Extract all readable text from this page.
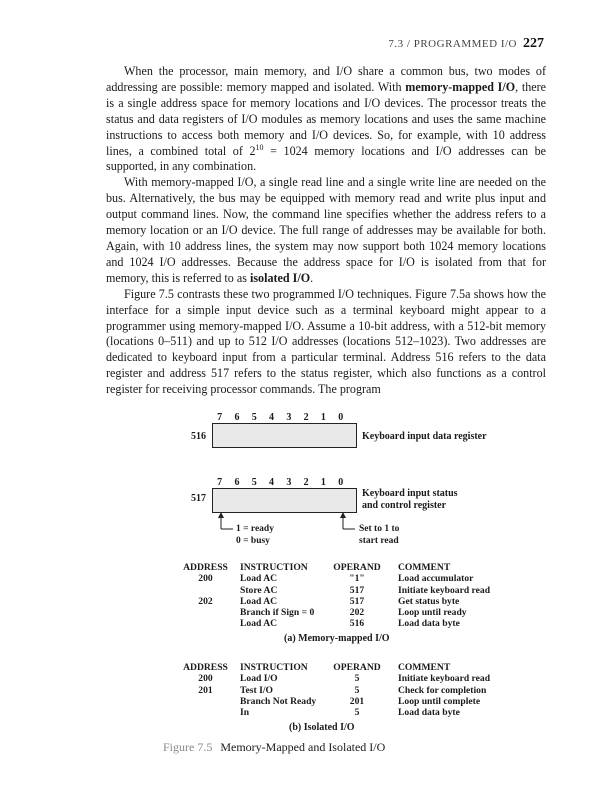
7.3 / PROGRAMMED I/O 227

When the processor, main memory, and I/O share a common bus, two modes of addressing are possible: memory mapped and isolated. With memory-mapped I/O, there is a single address space for memory locations and I/O devices. The processor treats the status and data registers of I/O modules as memory locations and uses the same machine instructions to access both memory and I/O devices. So, for example, with 10 address lines, a combined total of $2^{10} = 1024$ memory locations and I/O addresses can be supported, in any combination.

With memory-mapped I/O, a single read line and a single write line are needed on the bus. Alternatively, the bus may be equipped with memory read and write plus input and output command lines. Now, the command line specifies whether the address refers to a memory location or an I/O device. The full range of addresses may be available for both. Again, with 10 address lines, the system may now support both 1024 memory locations and 1024 I/O addresses. Because the address space for I/O is isolated from that for memory, this is referred to as isolated I/O.

Figure 7.5 contrasts these two programmed I/O techniques. Figure 7.5a shows how the interface for a simple input device such as a terminal keyboard might appear to a programmer using memory-mapped I/O. Assume a 10-bit address, with a 512-bit memory (locations 0–511) and up to 512 I/O addresses (locations 512–1023). Two addresses are dedicated to keyboard input from a particular terminal. Address 516 refers to the data register and address 517 refers to the status register, which also functions as a control register for receiving processor commands. The program

7	6	5	4	3	2	1	0
516	Keyboard input data register
7	6	5	4	3	2	1	0
517	Keyboard input status
and control register
1 = ready
0 = busy
Set to 1 to
start read
ADDRESS	INSTRUCTION	OPERAND	COMMENT
200	Load AC	"1"	Load accumulator
	Store AC	517	Initiate keyboard read
202	Load AC	517	Get status byte
	Branch if Sign = 0	202	Loop until ready
	Load AC	516	Load data byte
(a) Memory-mapped I/O
ADDRESS	INSTRUCTION	OPERAND	COMMENT
200	Load I/O	5	Initiate keyboard read
201	Test I/O	5	Check for completion
	Branch Not Ready	201	Loop until complete
	In	5	Load data byte
(b) Isolated I/O
Figure 7.5 Memory-Mapped and Isolated I/O
